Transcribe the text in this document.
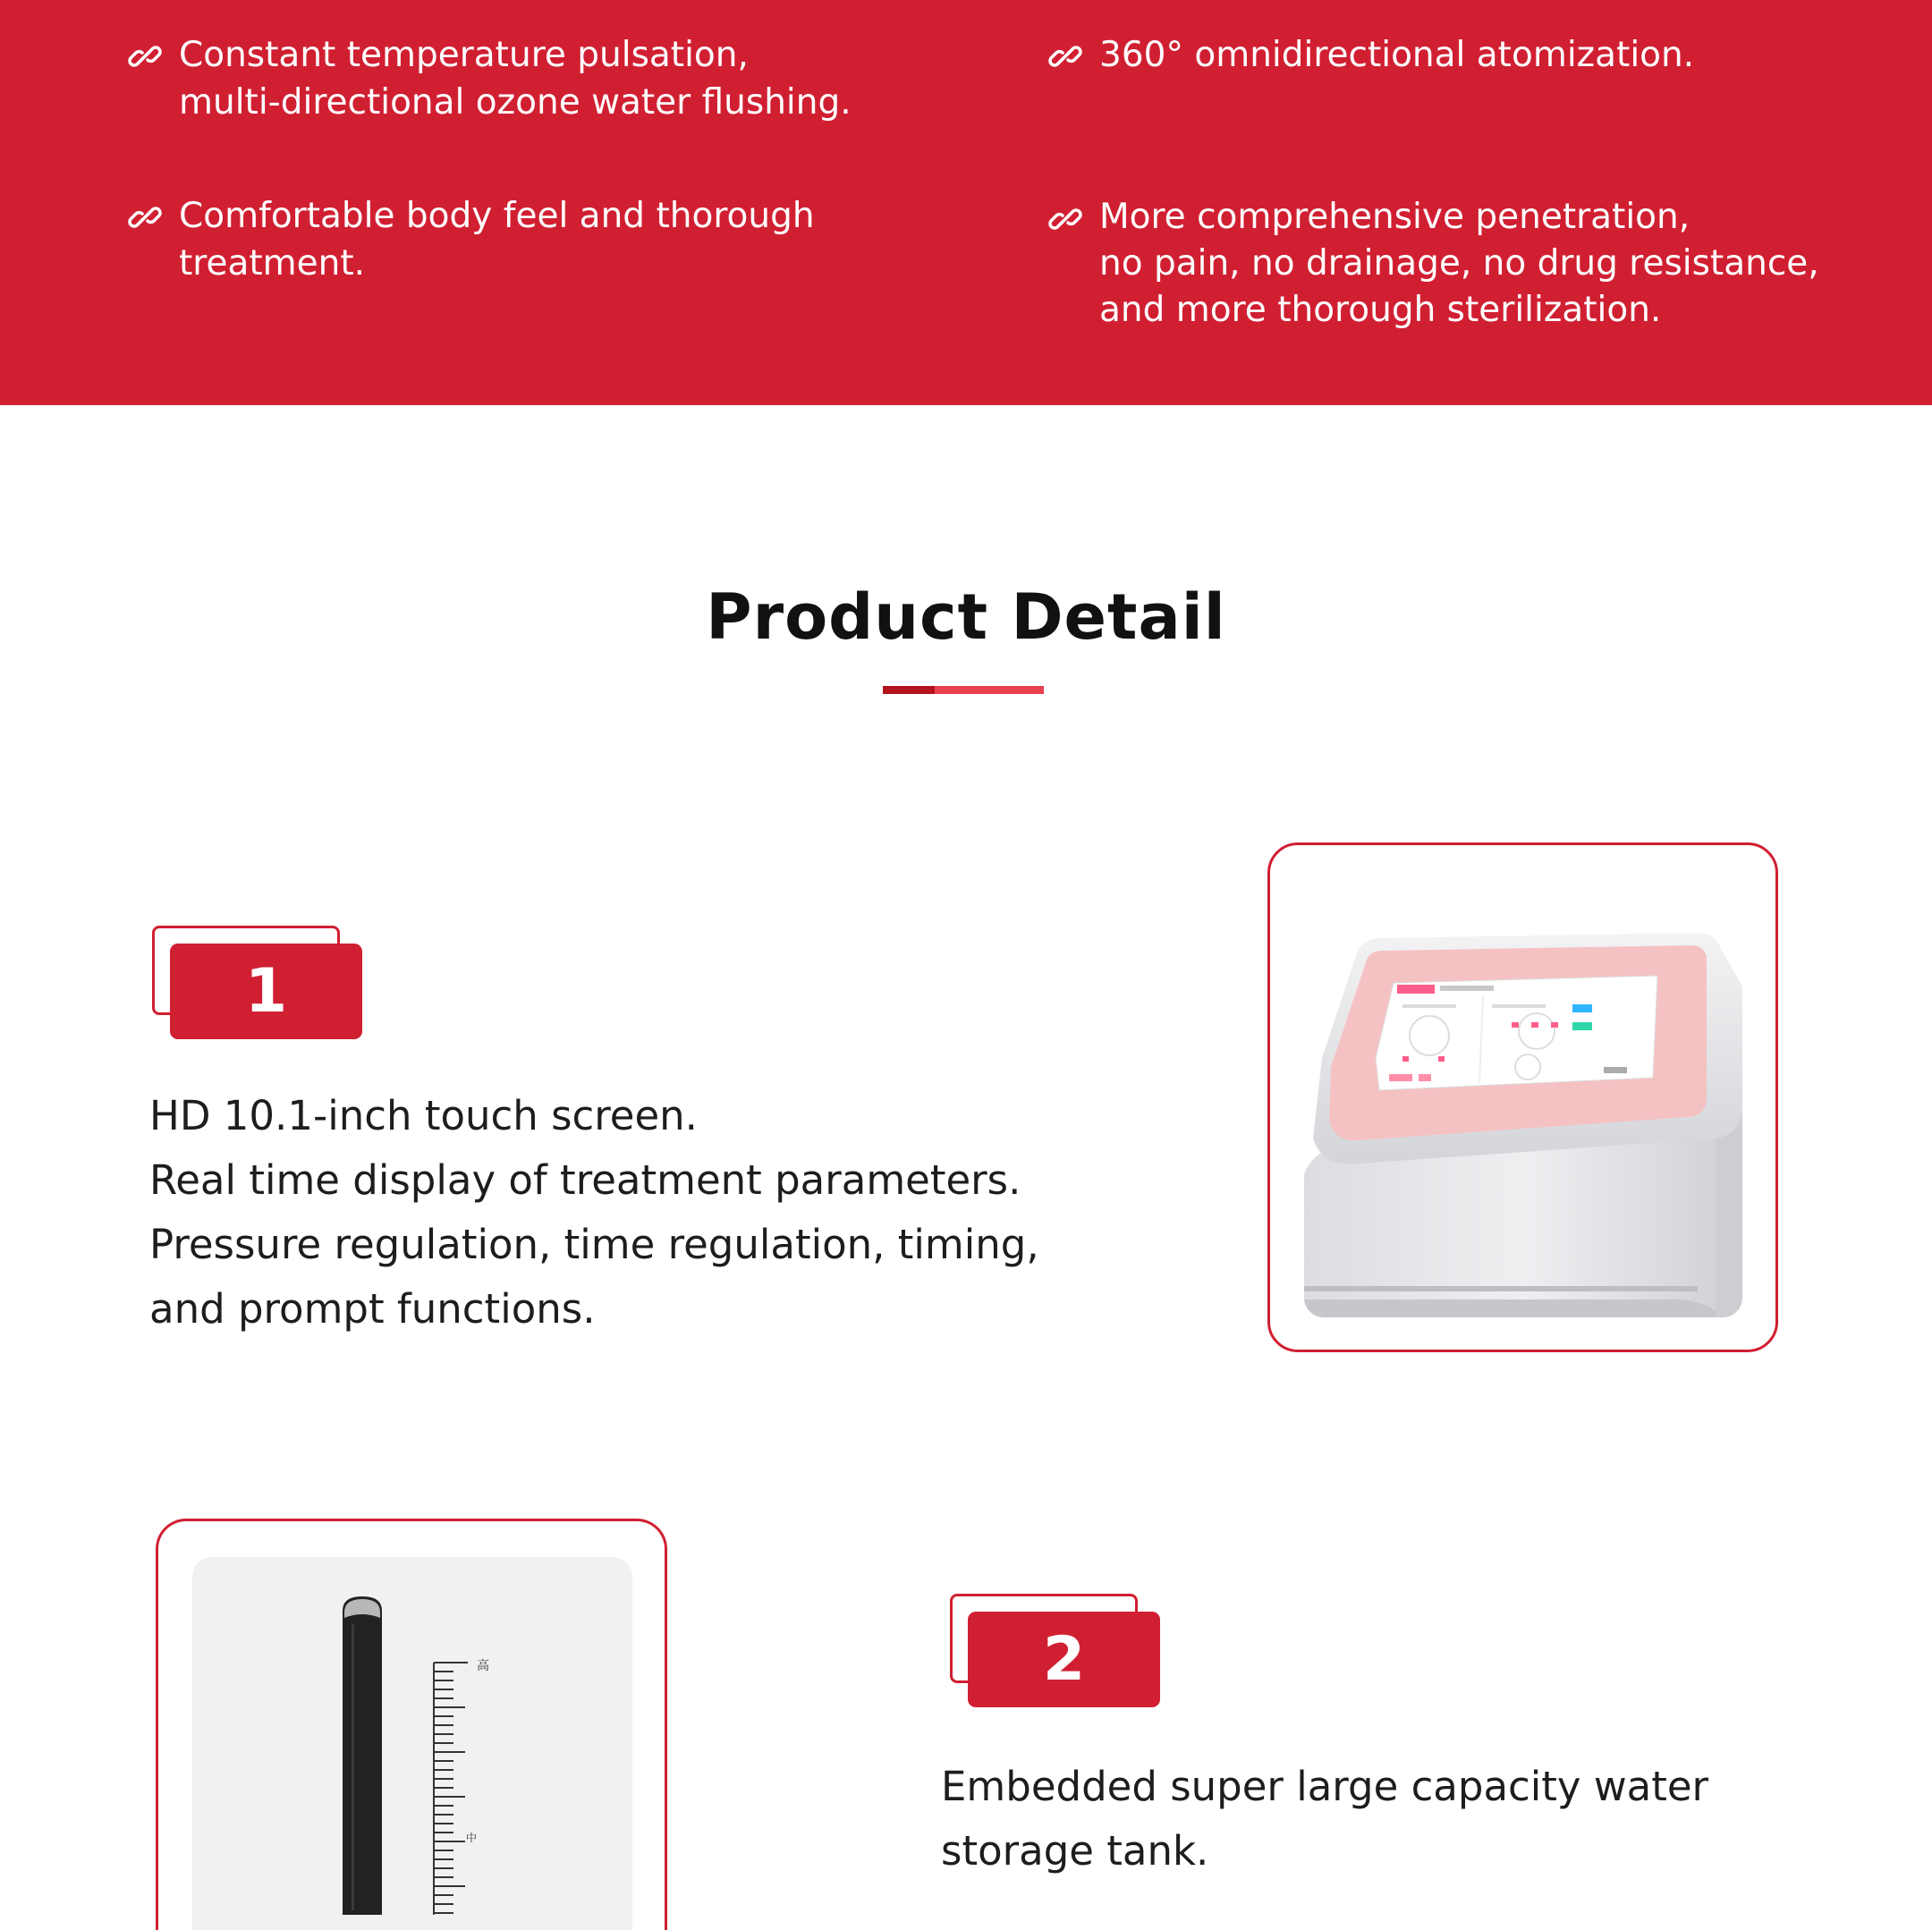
Constant temperature pulsation,
multi-directional ozone water flushing.
360° omnidirectional atomization.
Comfortable body feel and thorough
treatment.
More comprehensive penetration,
no pain, no drainage, no drug resistance,
and more thorough sterilization.
Product Detail
1
HD 10.1-inch touch screen.
Real time display of treatment parameters.
Pressure regulation, time regulation, timing,
and prompt functions.
高
中
2
Embedded super large capacity water
storage tank.
